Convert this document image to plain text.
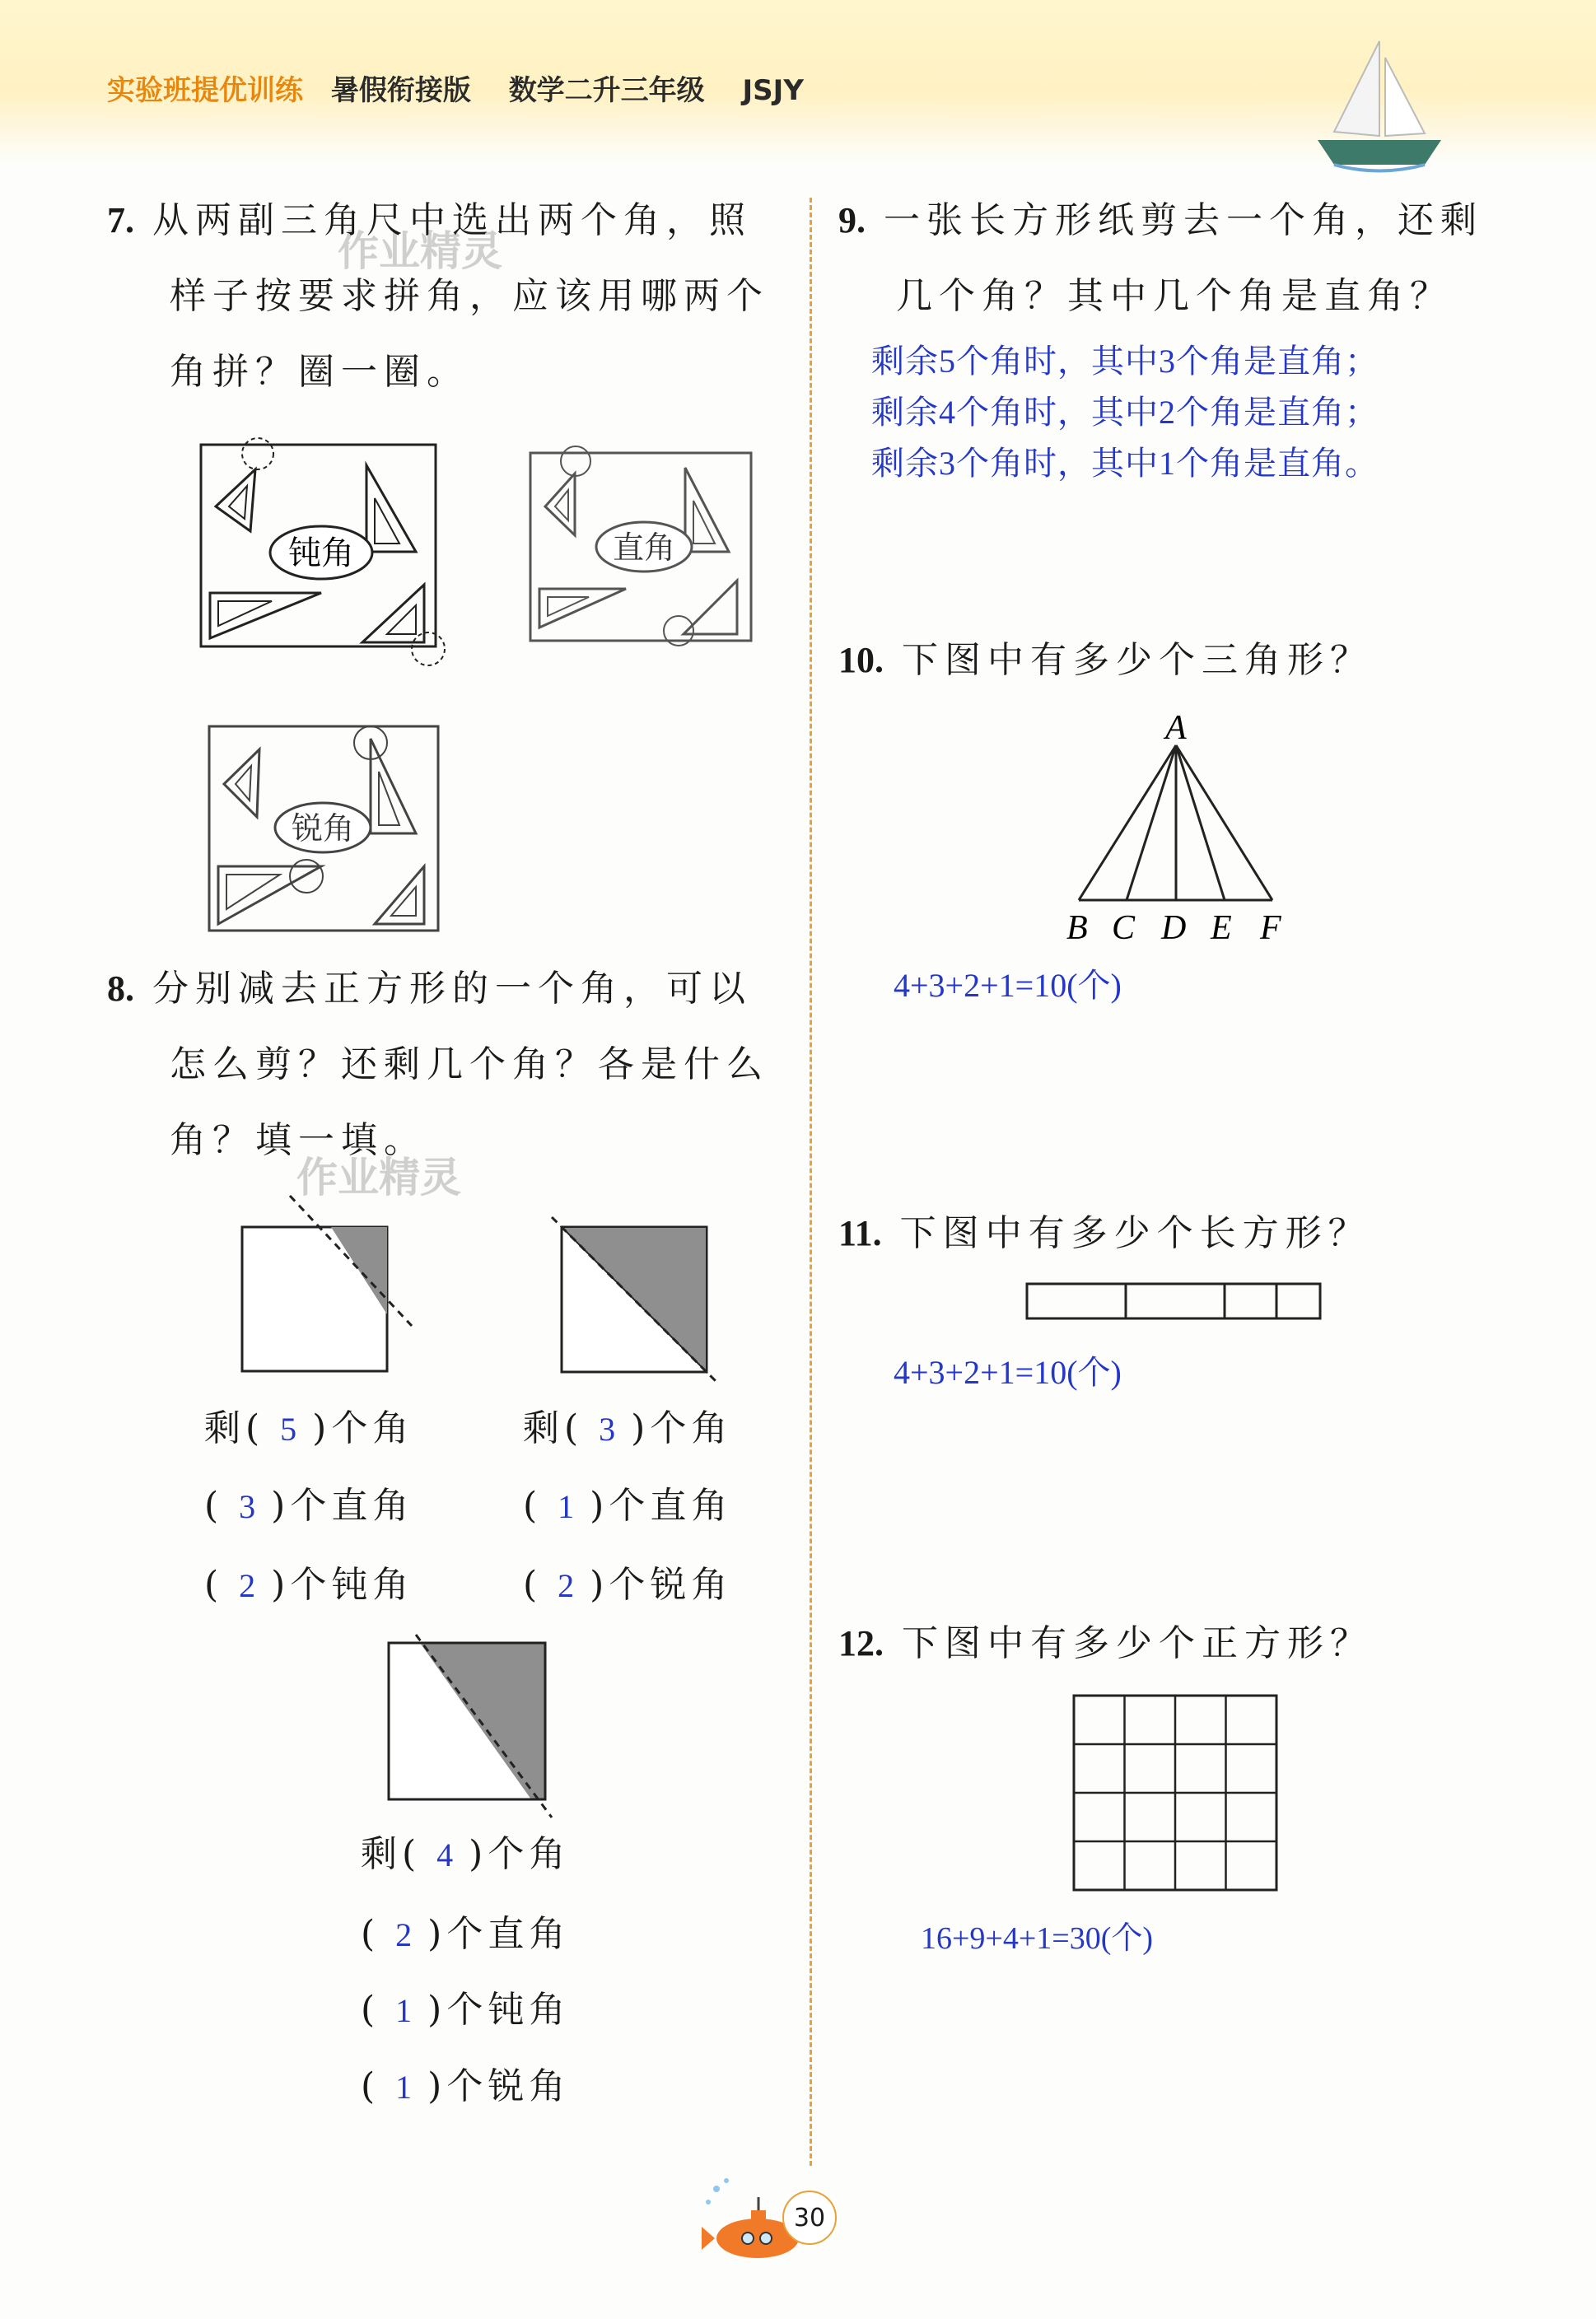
实验班提优训练 暑假衔接版 数学二升三年级 JSJY
作业精灵
作业精灵
7. 从两副三角尺中选出两个角，照
样子按要求拼角，应该用哪两个
角拼？圈一圈。
钝角	直角
锐角
8. 分别减去正方形的一个角，可以
怎么剪？还剩几个角？各是什么
角？填一填。
剩( 5 )个角
( 3 )个直角
( 2 )个钝角
剩( 3 )个角
( 1 )个直角
( 2 )个锐角
剩( 4 )个角
( 2 )个直角
( 1 )个钝角
( 1 )个锐角
9. 一张长方形纸剪去一个角，还剩
几个角？其中几个角是直角？
剩余5个角时，其中3个角是直角；
剩余4个角时，其中2个角是直角；
剩余3个角时，其中1个角是直角。
10. 下图中有多少个三角形？
A
B C D E F
4+3+2+1=10(个)
11. 下图中有多少个长方形？
4+3+2+1=10(个)
12. 下图中有多少个正方形？
16+9+4+1=30(个)
30
